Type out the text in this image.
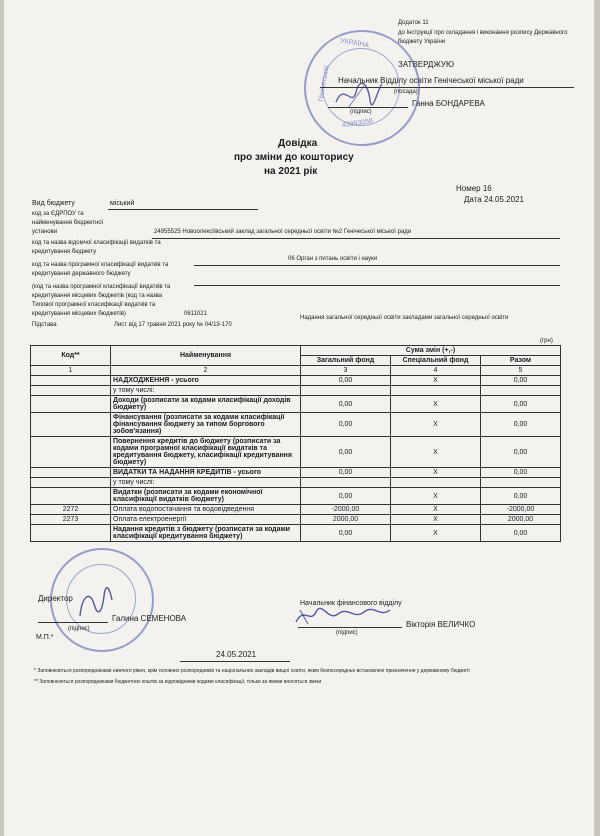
Додаток 11
до Інструкції про складання і виконання розпису Державного
бюджету України
ЗАТВЕРДЖУЮ
Начальник Відділу освіти Генічеської міської ради
(посада)
(підпис)
Ганна БОНДАРЕВА
УКРАЇНА
43993058
Генічеської
Довідка
про зміни до кошторису
на 2021 рік
Номер 16
Дата 24.05.2021
Вид бюджету	міський
код за ЄДРПОУ та
найменування бюджетної
установи	24955525 Новоолексіївський заклад загальної середньої освіти №2 Генічеської міської ради
код та назва відомчої класифікації видатків та
кредитування бюджету
06 Орган з питань освіти і науки
код та назва програмної класифікації видатків та
кредитування державного бюджету
(код та назва програмної класифікації видатків та
кредитування місцевих бюджетів (код та назва
Типової програмної класифікації видатків та
кредитування місцевих бюджетів)	0611021
Надання загальної середньої освіти закладами загальної середньої освіти
Підстава	Лист від 17 травня 2021 року № 04/13-170
(грн)
Код**	Найменування	Сума змін (+,-)		
		Загальний фонд	Спеціальний фонд	Разом
1	2	3	4	5
	НАДХОДЖЕННЯ - усього	0,00	X	0,00
	у тому числі:			
	Доходи (розписати за кодами класифікації доходів бюджету)	0,00	X	0,00
	Фінансування (розписати за кодами класифікації фінансування бюджету за типом боргового зобов'язання)	0,00	X	0,00
	Повернення кредитів до бюджету (розписати за кодами програмної класифікації видатків та кредитування бюджету, класифікації кредитування бюджету)	0,00	X	0,00
	ВИДАТКИ ТА НАДАННЯ КРЕДИТІВ - усього	0,00	X	0,00
	у тому числі:			
	Видатки (розписати за кодами економічної класифікації видатків бюджету)	0,00	X	0,00
2272	Оплата водопостачання та водовідведення	-2000,00	X	-2000,00
2273	Оплата електроенергії	2000,00	X	2000,00
	Надання кредитів з бюджету (розписати за кодами класифікації кредитування бюджету)	0,00	X	0,00
Директор
(підпис)
Галина СЕМЕНОВА
М.П.*
Начальник фінансового відділу
(підпис)
Вікторія ВЕЛИЧКО
24.05.2021
* Заповнюються розпорядниками нижчого рівня, крім головних розпорядників та національних закладів вищої освіти, яким безпосередньо встановлені призначення у державному бюджеті
** Заповнюються розпорядниками бюджетних коштів за відповідними кодами класифікації, тільки за якими вносяться зміни
